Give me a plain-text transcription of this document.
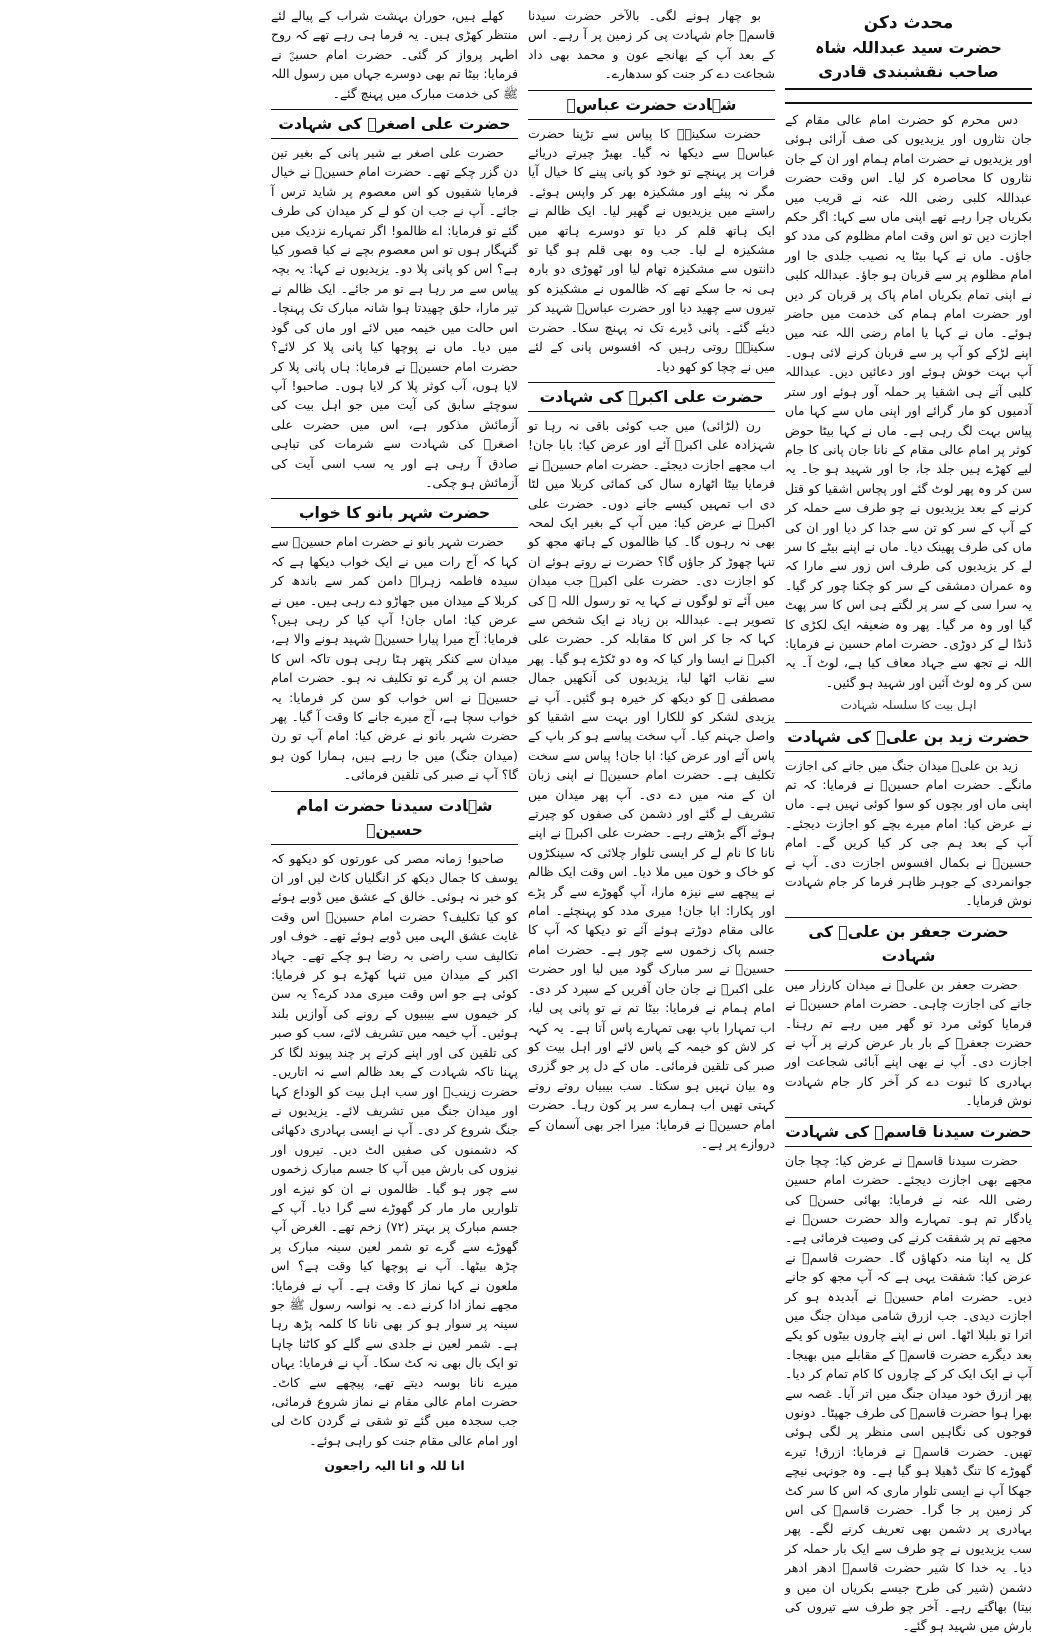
محدث دکن
حضرت سید عبداللہ شاہ صاحب نقشبندی قادری

دس محرم کو حضرت امام عالی مقام کے جان نثاروں اور یزیدیوں کی صف آرائی ہوئی اور یزیدیوں نے حضرت امام ہمام اور ان کے جان نثاروں کا محاصرہ کر لیا۔ اس وقت حضرت عبداللہ کلبی رضی اللہ عنہ نے قریب میں بکریاں چرا رہے تھے اپنی ماں سے کہا: اگر حکم اجازت دیں تو اس وقت امام مظلوم کی مدد کو جاؤں۔ ماں نے کہا بیٹا یہ نصیب جلدی جا اور امام مظلوم پر سے قربان ہو جاؤ۔ عبداللہ کلبی نے اپنی تمام بکریاں امام پاک پر قربان کر دیں اور حضرت امام ہمام کی خدمت میں حاضر ہوئے۔ ماں نے کہا یا امام رضی اللہ عنہ میں اپنے لڑکے کو آپ پر سے قربان کرنے لائی ہوں۔ آپ بہت خوش ہوئے اور دعائیں دیں۔ عبداللہ کلبی آتے ہی اشقیا پر حملہ آور ہوئے اور ستر آدمیوں کو مار گرائے اور اپنی ماں سے کہا ماں پیاس بہت لگ رہی ہے۔ ماں نے کہا بیٹا حوض کوثر پر امام عالی مقام کے نانا جان پانی کا جام لیے کھڑے ہیں جلد جا، جا اور شہید ہو جا۔ یہ سن کر وہ پھر لوٹ گئے اور پچاس اشقیا کو قتل کرنے کے بعد یزیدیوں نے چو طرف سے حملہ کر کے آپ کے سر کو تن سے جدا کر دیا اور ان کی ماں کی طرف پھینک دیا۔ ماں نے اپنے بیٹے کا سر لے کر یزیدیوں کی طرف اس زور سے مارا کہ وہ عمران دمشقی کے سر کو چکنا چور کر گیا۔ یہ سرا سی کے سر پر لگتے ہی اس کا سر پھٹ گیا اور وہ مر گیا۔ پھر وہ ضعیفہ ایک لکڑی کا ڈنڈا لے کر دوڑی۔ حضرت امام حسین نے فرمایا: اللہ نے تجھ سے جہاد معاف کیا ہے، لوٹ آ۔ یہ سن کر وہ لوٹ آئیں اور شہید ہو گئیں۔

اہل بیت کا سلسلہ شہادت
حضرت زید بن علیؓ کی شہادت

زید بن علیؓ میدان جنگ میں جانے کی اجازت مانگے۔ حضرت امام حسینؓ نے فرمایا: کہ تم اپنی ماں اور بچوں کو سوا کوئی نہیں ہے۔ ماں نے عرض کیا: امام میرے بچے کو اجازت دیجئے۔ آپ کے بعد ہم جی کر کیا کریں گے۔ امام حسینؓ نے بکمال افسوس اجازت دی۔ آپ نے جوانمردی کے جوہر ظاہر فرما کر جام شہادت نوش فرمایا۔

حضرت جعفر بن علیؓ کی شہادت

حضرت جعفر بن علیؓ نے میدان کارزار میں جانے کی اجازت چاہی۔ حضرت امام حسینؓ نے فرمایا کوئی مرد تو گھر میں رہے تم رہنا۔ حضرت جعفرؓ کے بار بار عرض کرنے پر آپ نے اجازت دی۔ آپ نے بھی اپنے آبائی شجاعت اور بہادری کا ثبوت دے کر آخر کار جام شہادت نوش فرمایا۔

حضرت سیدنا قاسمؓ کی شہادت

حضرت سیدنا قاسمؓ نے عرض کیا: چچا جان مجھے بھی اجازت دیجئے۔ حضرت امام حسین رضی اللہ عنہ نے فرمایا: بھائی حسنؓ کی یادگار تم ہو۔ تمہارے والد حضرت حسنؓ نے مجھے تم پر شفقت کرنے کی وصیت فرمائی ہے۔ کل یہ اپنا منہ دکھاؤں گا۔ حضرت قاسمؓ نے عرض کیا: شفقت یہی ہے کہ آپ مجھ کو جانے دیں۔ حضرت امام حسینؓ نے آبدیدہ ہو کر اجازت دیدی۔ جب ازرق شامی میدان جنگ میں اترا تو بلبلا اٹھا۔ اس نے اپنے چاروں بیٹوں کو یکے بعد دیگرے حضرت قاسمؓ کے مقابلے میں بھیجا۔ آپ نے ایک ایک کر کے چاروں کا کام تمام کر دیا۔ پھر ازرق خود میدان جنگ میں اتر آیا۔ غصہ سے بھرا ہوا حضرت قاسمؓ کی طرف جھپٹا۔ دونوں فوجوں کی نگاہیں اسی منظر پر لگی ہوئی تھیں۔ حضرت قاسمؓ نے فرمایا: ازرق! تیرے گھوڑے کا تنگ ڈھیلا ہو گیا ہے۔ وہ جونہی نیچے جھکا آپ نے ایسی تلوار ماری کہ اس کا سر کٹ کر زمین پر جا گرا۔ حضرت قاسمؓ کی اس بہادری پر دشمن بھی تعریف کرنے لگے۔ پھر سب یزیدیوں نے چو طرف سے ایک بار حملہ کر دیا۔ یہ خدا کا شیر حضرت قاسمؓ ادھر ادھر دشمن (شیر کی طرح جیسے بکریاں ان میں و بیتا) بھاگتے رہے۔ آخر چو طرف سے تیروں کی بارش میں شہید ہو گئے۔

بو چھار ہونے لگی۔ بالآخر حضرت سیدنا قاسمؓ جام شہادت پی کر زمین پر آ رہے۔ اس کے بعد آپ کے بھانجے عون و محمد بھی داد شجاعت دے کر جنت کو سدھارے۔

شہادت حضرت عباسؓ

حضرت سکینہؓ کا پیاس سے تڑپنا حضرت عباسؓ سے دیکھا نہ گیا۔ بھیڑ چیرتے دریائے فرات پر پہنچے تو خود کو پانی پینے کا خیال آیا مگر نہ پیئے اور مشکیزہ بھر کر واپس ہوئے۔ راستے میں یزیدیوں نے گھیر لیا۔ ایک ظالم نے ایک ہاتھ قلم کر دیا تو دوسرے ہاتھ میں مشکیزہ لے لیا۔ جب وہ بھی قلم ہو گیا تو دانتوں سے مشکیزہ تھام لیا اور ٹھوڑی دو بارہ ہی نہ جا سکے تھے کہ ظالموں نے مشکیزہ کو تیروں سے چھید دیا اور حضرت عباسؓ شہید کر دیئے گئے۔ پانی ڈیرے تک نہ پہنچ سکا۔ حضرت سکینہؓ روتی رہیں کہ افسوس پانی کے لئے میں نے چچا کو کھو دیا۔

حضرت علی اکبرؓ کی شہادت

رن (لڑائی) میں جب کوئی باقی نہ رہا تو شہزادہ علی اکبرؓ آئے اور عرض کیا: بابا جان! اب مجھے اجازت دیجئے۔ حضرت امام حسینؓ نے فرمایا بیٹا اٹھارہ سال کی کمائی کربلا میں لٹا دی اب تمہیں کیسے جانے دوں۔ حضرت علی اکبرؓ نے عرض کیا: میں آپ کے بغیر ایک لمحہ بھی نہ رہوں گا۔ کیا ظالموں کے ہاتھ مجھ کو تنہا چھوڑ کر جاؤں گا؟ حضرت نے روتے ہوئے ان کو اجازت دی۔ حضرت علی اکبرؓ جب میدان میں آئے تو لوگوں نے کہا یہ تو رسول اللہ ﷺ کی تصویر ہے۔ عبداللہ بن زیاد نے ایک شخص سے کہا کہ جا کر اس کا مقابلہ کر۔ حضرت علی اکبرؓ نے ایسا وار کیا کہ وہ دو ٹکڑے ہو گیا۔ پھر سے نقاب اٹھا لیا، یزیدیوں کی آنکھیں جمال مصطفی ﷺ کو دیکھ کر خیرہ ہو گئیں۔ آپ نے یزیدی لشکر کو للکارا اور بہت سے اشقیا کو واصل جہنم کیا۔ آپ سخت پیاسے ہو کر باپ کے پاس آئے اور عرض کیا: ابا جان! پیاس سے سخت تکلیف ہے۔ حضرت امام حسینؓ نے اپنی زبان ان کے منہ میں دے دی۔ آپ پھر میدان میں تشریف لے گئے اور دشمن کی صفوں کو چیرتے ہوئے آگے بڑھتے رہے۔ حضرت علی اکبرؓ نے اپنے نانا کا نام لے کر ایسی تلوار چلائی کہ سینکڑوں کو خاک و خون میں ملا دیا۔ اس وقت ایک ظالم نے پیچھے سے نیزہ مارا، آپ گھوڑے سے گر پڑے اور پکارا: ابا جان! میری مدد کو پہنچئے۔ امام عالی مقام دوڑتے ہوئے آئے تو دیکھا کہ آپ کا جسم پاک زخموں سے چور ہے۔ حضرت امام حسینؓ نے سر مبارک گود میں لیا اور حضرت علی اکبرؓ نے جان جان آفریں کے سپرد کر دی۔ امام ہمام نے فرمایا: بیٹا تم نے تو پانی پی لیا، اب تمہارا باپ بھی تمہارے پاس آتا ہے۔ یہ کہہ کر لاش کو خیمہ کے پاس لائے اور اہل بیت کو صبر کی تلقین فرمائی۔ ماں کے دل پر جو گزری وہ بیان نہیں ہو سکتا۔ سب بیبیاں روتے روتے کہتی تھیں اب ہمارے سر پر کون رہا۔ حضرت امام حسینؓ نے فرمایا: میرا اجر بھی آسمان کے دروازے پر ہے۔

کھلے ہیں، حوران بہشت شراب کے پیالے لئے منتظر کھڑی ہیں۔ یہ فرما ہی رہے تھے کہ روح اطہر پرواز کر گئی۔ حضرت امام حسینؓ نے فرمایا: بیٹا تم بھی دوسرے جہاں میں رسول اللہ ﷺ کی خدمت مبارک میں پہنچ گئے۔

حضرت علی اصغرؓ کی شہادت

حضرت علی اصغر بے شیر پانی کے بغیر تین دن گزر چکے تھے۔ حضرت امام حسینؓ نے خیال فرمایا شقیوں کو اس معصوم پر شاید ترس آ جائے۔ آپ نے جب ان کو لے کر میدان کی طرف گئے تو فرمایا: اے ظالمو! اگر تمہارے نزدیک میں گنہگار ہوں تو اس معصوم بچے نے کیا قصور کیا ہے؟ اس کو پانی پلا دو۔ یزیدیوں نے کہا: یہ بچہ پیاس سے مر رہا ہے تو مر جائے۔ ایک ظالم نے تیر مارا، حلق چھیدتا ہوا شانہ مبارک تک پہنچا۔ اس حالت میں خیمہ میں لائے اور ماں کی گود میں دیا۔ ماں نے پوچھا کیا پانی پلا کر لائے؟ حضرت امام حسینؓ نے فرمایا: ہاں پانی پلا کر لایا ہوں، آب کوثر پلا کر لایا ہوں۔ صاحبو! آپ سوچئے سابق کی آیت میں جو اہل بیت کی آزمائش مذکور ہے، اس میں حضرت علی اصغرؓ کی شہادت سے شرمات کی تباہی صادق آ رہی ہے اور یہ سب اسی آیت کی آزمائش ہو چکی۔

حضرت شہر بانو کا خواب

حضرت شہر بانو نے حضرت امام حسینؓ سے کہا کہ آج رات میں نے ایک خواب دیکھا ہے کہ سیدہ فاطمہ زہراؓ دامن کمر سے باندھ کر کربلا کے میدان میں جھاڑو دے رہی ہیں۔ میں نے عرض کیا: اماں جان! آپ کیا کر رہی ہیں؟ فرمایا: آج میرا پیارا حسینؓ شہید ہونے والا ہے، میدان سے کنکر پتھر ہٹا رہی ہوں تاکہ اس کا جسم ان پر گرے تو تکلیف نہ ہو۔ حضرت امام حسینؓ نے اس خواب کو سن کر فرمایا: یہ خواب سچا ہے، آج میرے جانے کا وقت آ گیا۔ پھر حضرت شہر بانو نے عرض کیا: امام آپ تو رن (میدان جنگ) میں جا رہے ہیں، ہمارا کون ہو گا؟ آپ نے صبر کی تلقین فرمائی۔

شہادت سیدنا حضرت امام حسینؓ

صاحبو! زمانہ مصر کی عورتوں کو دیکھو کہ یوسف کا جمال دیکھ کر انگلیاں کاٹ لیں اور ان کو خبر نہ ہوئی۔ خالق کے عشق میں ڈوبے ہوئے کو کیا تکلیف؟ حضرت امام حسینؓ اس وقت غایت عشق الہی میں ڈوبے ہوئے تھے۔ خوف اور تکالیف سب راضی بہ رضا ہو چکے تھے۔ جہاد اکبر کے میدان میں تنہا کھڑے ہو کر فرمایا: کوئی ہے جو اس وقت میری مدد کرے؟ یہ سن کر خیموں سے بیبیوں کے رونے کی آوازیں بلند ہوئیں۔ آپ خیمہ میں تشریف لائے، سب کو صبر کی تلقین کی اور اپنے کرتے پر چند پیوند لگا کر پہنا تاکہ شہادت کے بعد ظالم اسے نہ اتاریں۔ حضرت زینبؓ اور سب اہل بیت کو الوداع کہا اور میدان جنگ میں تشریف لائے۔ یزیدیوں نے جنگ شروع کر دی۔ آپ نے ایسی بہادری دکھائی کہ دشمنوں کی صفیں الٹ دیں۔ تیروں اور نیزوں کی بارش میں آپ کا جسم مبارک زخموں سے چور ہو گیا۔ ظالموں نے ان کو نیزے اور تلواریں مار مار کر گھوڑے سے گرا دیا۔ آپ کے جسم مبارک پر بہتر (۷۲) زخم تھے۔ الغرض آپ گھوڑے سے گرے تو شمر لعین سینہ مبارک پر چڑھ بیٹھا۔ آپ نے پوچھا کیا وقت ہے؟ اس ملعون نے کہا نماز کا وقت ہے۔ آپ نے فرمایا: مجھے نماز ادا کرنے دے۔ یہ نواسہ رسول ﷺ جو سینہ پر سوار ہو کر بھی نانا کا کلمہ پڑھ رہا ہے۔ شمر لعین نے جلدی سے گلے کو کاٹنا چاہا تو ایک بال بھی نہ کٹ سکا۔ آپ نے فرمایا: یہاں میرے نانا بوسہ دیتے تھے، پیچھے سے کاٹ۔ حضرت امام عالی مقام نے نماز شروع فرمائی، جب سجدہ میں گئے تو شقی نے گردن کاٹ لی اور امام عالی مقام جنت کو راہی ہوئے۔

انا للہ و انا الیہ راجعون
